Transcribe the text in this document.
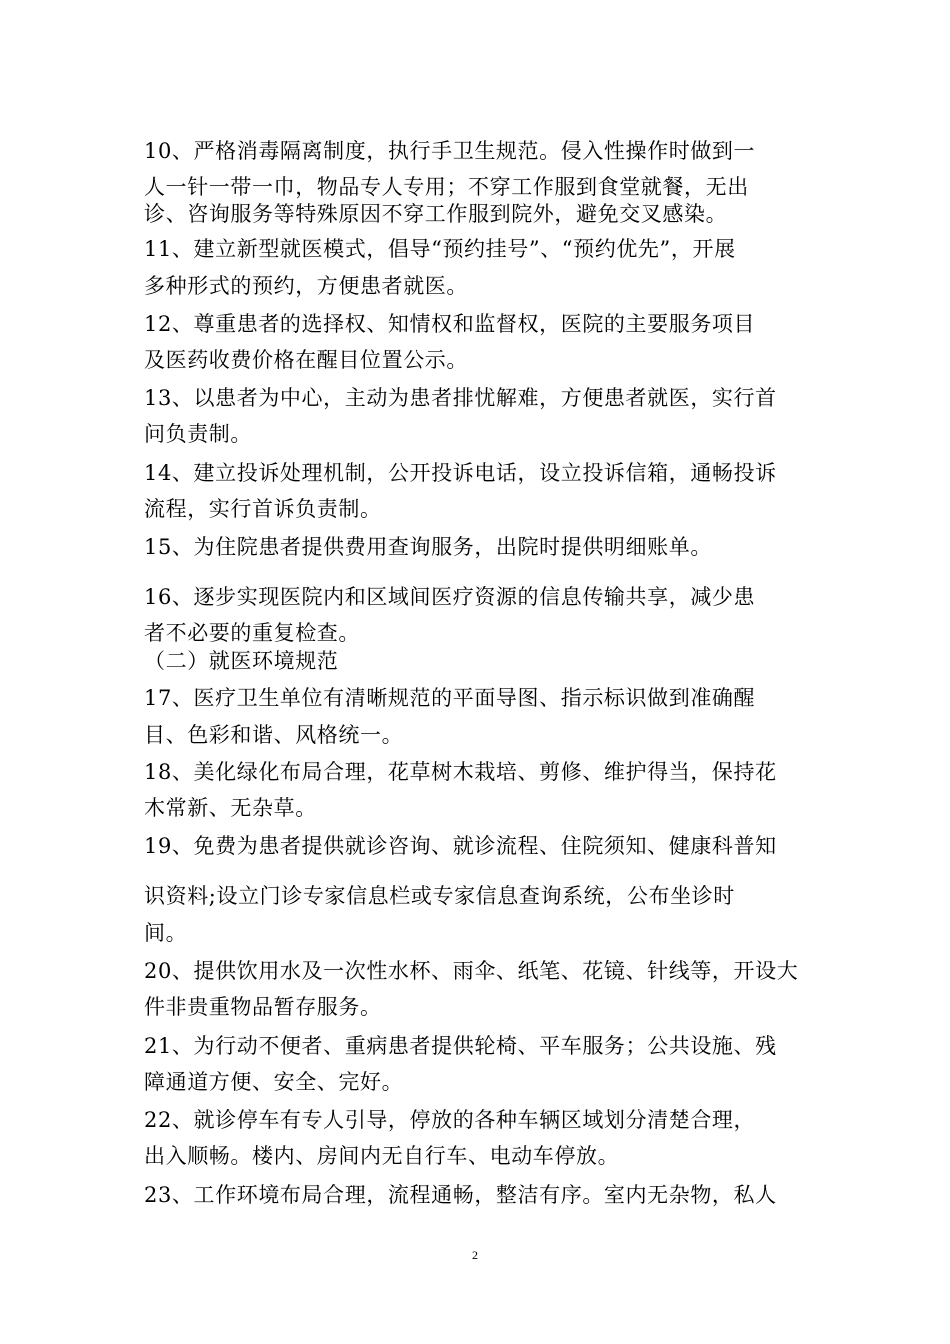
10、严格消毒隔离制度，执行手卫生规范。侵入性操作时做到一
人一针一带一巾，物品专人专用；不穿工作服到食堂就餐，无出
诊、咨询服务等特殊原因不穿工作服到院外，避免交叉感染。
11、建立新型就医模式，倡导“预约挂号”、“预约优先”，开展
多种形式的预约，方便患者就医。
12、尊重患者的选择权、知情权和监督权，医院的主要服务项目
及医药收费价格在醒目位置公示。
13、以患者为中心，主动为患者排忧解难，方便患者就医，实行首
问负责制。
14、建立投诉处理机制，公开投诉电话，设立投诉信箱，通畅投诉
流程，实行首诉负责制。
15、为住院患者提供费用查询服务，出院时提供明细账单。
16、逐步实现医院内和区域间医疗资源的信息传输共享，减少患
者不必要的重复检查。
（二）就医环境规范
17、医疗卫生单位有清晰规范的平面导图、指示标识做到准确醒
目、色彩和谐、风格统一。
18、美化绿化布局合理，花草树木栽培、剪修、维护得当，保持花
木常新、无杂草。
19、免费为患者提供就诊咨询、就诊流程、住院须知、健康科普知
识资料;设立门诊专家信息栏或专家信息查询系统，公布坐诊时
间。
20、提供饮用水及一次性水杯、雨伞、纸笔、花镜、针线等，开设大
件非贵重物品暂存服务。
21、为行动不便者、重病患者提供轮椅、平车服务；公共设施、残
障通道方便、安全、完好。
22、就诊停车有专人引导，停放的各种车辆区域划分清楚合理，
出入顺畅。楼内、房间内无自行车、电动车停放。
23、工作环境布局合理，流程通畅，整洁有序。室内无杂物，私人
2
